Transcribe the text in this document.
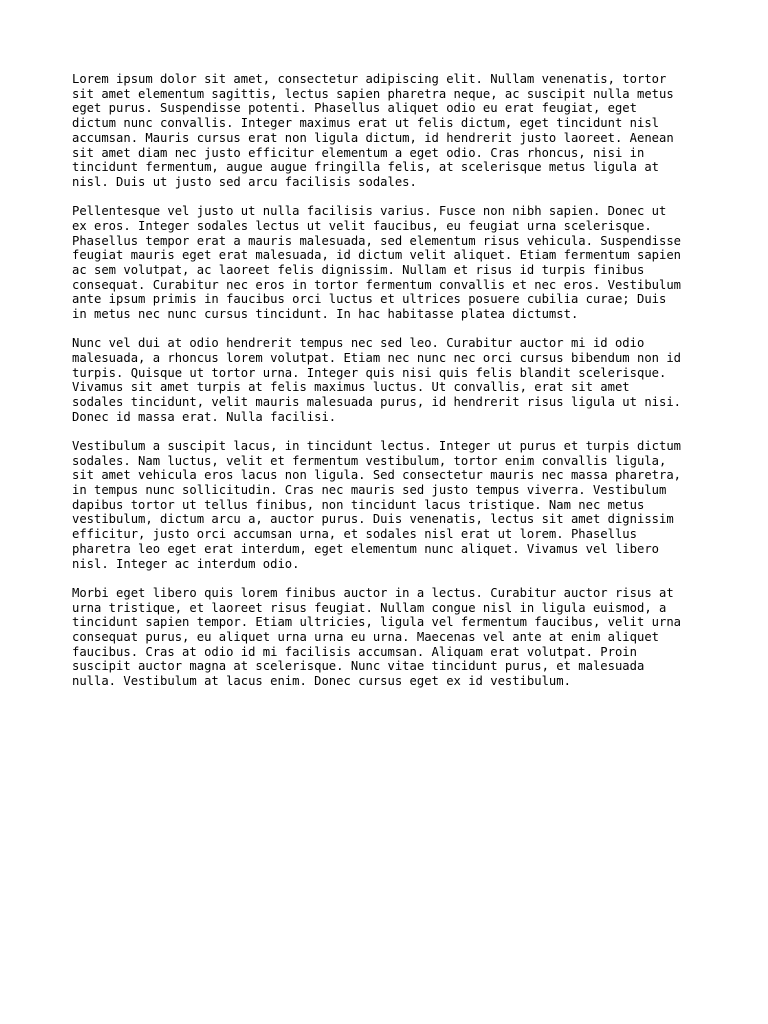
Lorem ipsum dolor sit amet, consectetur adipiscing elit. Nullam venenatis, tortor
sit amet elementum sagittis, lectus sapien pharetra neque, ac suscipit nulla metus
eget purus. Suspendisse potenti. Phasellus aliquet odio eu erat feugiat, eget
dictum nunc convallis. Integer maximus erat ut felis dictum, eget tincidunt nisl
accumsan. Mauris cursus erat non ligula dictum, id hendrerit justo laoreet. Aenean
sit amet diam nec justo efficitur elementum a eget odio. Cras rhoncus, nisi in
tincidunt fermentum, augue augue fringilla felis, at scelerisque metus ligula at
nisl. Duis ut justo sed arcu facilisis sodales.

Pellentesque vel justo ut nulla facilisis varius. Fusce non nibh sapien. Donec ut
ex eros. Integer sodales lectus ut velit faucibus, eu feugiat urna scelerisque.
Phasellus tempor erat a mauris malesuada, sed elementum risus vehicula. Suspendisse
feugiat mauris eget erat malesuada, id dictum velit aliquet. Etiam fermentum sapien
ac sem volutpat, ac laoreet felis dignissim. Nullam et risus id turpis finibus
consequat. Curabitur nec eros in tortor fermentum convallis et nec eros. Vestibulum
ante ipsum primis in faucibus orci luctus et ultrices posuere cubilia curae; Duis
in metus nec nunc cursus tincidunt. In hac habitasse platea dictumst.

Nunc vel dui at odio hendrerit tempus nec sed leo. Curabitur auctor mi id odio
malesuada, a rhoncus lorem volutpat. Etiam nec nunc nec orci cursus bibendum non id
turpis. Quisque ut tortor urna. Integer quis nisi quis felis blandit scelerisque.
Vivamus sit amet turpis at felis maximus luctus. Ut convallis, erat sit amet
sodales tincidunt, velit mauris malesuada purus, id hendrerit risus ligula ut nisi.
Donec id massa erat. Nulla facilisi.

Vestibulum a suscipit lacus, in tincidunt lectus. Integer ut purus et turpis dictum
sodales. Nam luctus, velit et fermentum vestibulum, tortor enim convallis ligula,
sit amet vehicula eros lacus non ligula. Sed consectetur mauris nec massa pharetra,
in tempus nunc sollicitudin. Cras nec mauris sed justo tempus viverra. Vestibulum
dapibus tortor ut tellus finibus, non tincidunt lacus tristique. Nam nec metus
vestibulum, dictum arcu a, auctor purus. Duis venenatis, lectus sit amet dignissim
efficitur, justo orci accumsan urna, et sodales nisl erat ut lorem. Phasellus
pharetra leo eget erat interdum, eget elementum nunc aliquet. Vivamus vel libero
nisl. Integer ac interdum odio.

Morbi eget libero quis lorem finibus auctor in a lectus. Curabitur auctor risus at
urna tristique, et laoreet risus feugiat. Nullam congue nisl in ligula euismod, a
tincidunt sapien tempor. Etiam ultricies, ligula vel fermentum faucibus, velit urna
consequat purus, eu aliquet urna urna eu urna. Maecenas vel ante at enim aliquet
faucibus. Cras at odio id mi facilisis accumsan. Aliquam erat volutpat. Proin
suscipit auctor magna at scelerisque. Nunc vitae tincidunt purus, et malesuada
nulla. Vestibulum at lacus enim. Donec cursus eget ex id vestibulum.
